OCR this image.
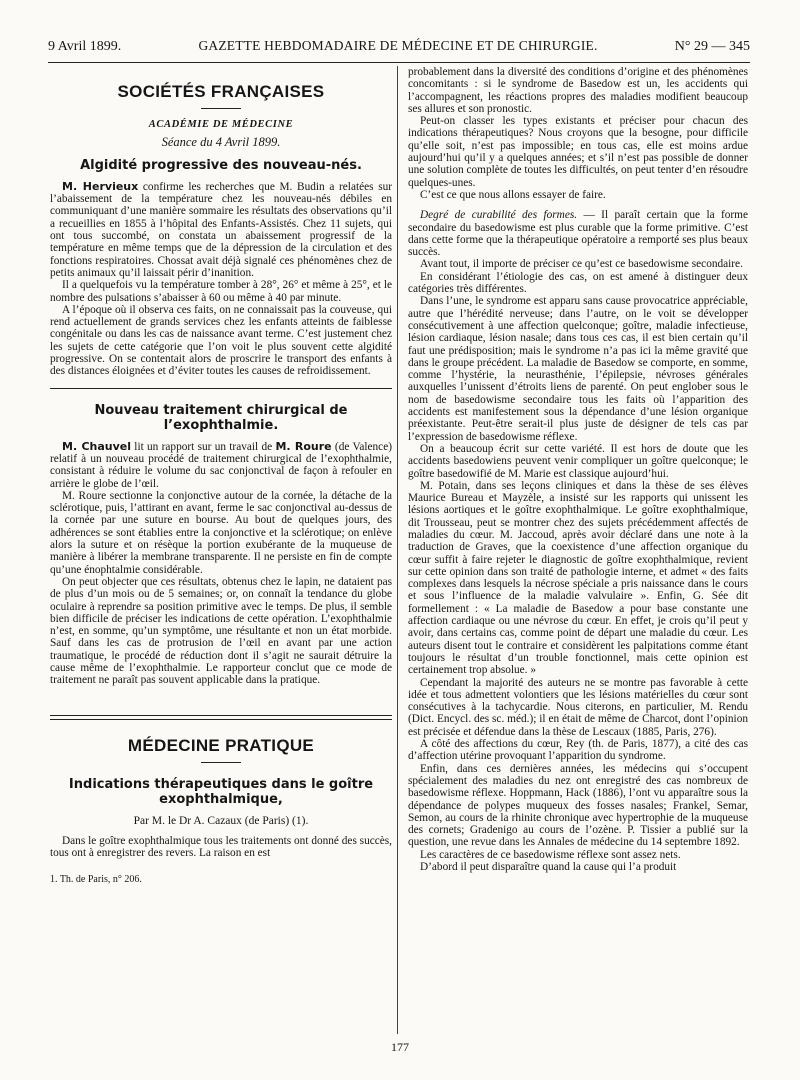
9 Avril 1899.	GAZETTE HEBDOMADAIRE DE MÉDECINE ET DE CHIRURGIE.	N° 29 — 345
SOCIÉTÉS FRANÇAISES
ACADÉMIE DE MÉDECINE
Séance du 4 Avril 1899.
Algidité progressive des nouveau-nés.

M. Hervieux confirme les recherches que M. Budin a relatées sur l’abaissement de la température chez les nouveau-nés débiles en communiquant d’une manière sommaire les résultats des observations qu’il a recueillies en 1855 à l’hôpital des Enfants-Assistés. Chez 11 sujets, qui ont tous succombé, on constata un abaissement progressif de la température en même temps que de la dépression de la circulation et des fonctions respiratoires. Chossat avait déjà signalé ces phénomènes chez de petits animaux qu’il laissait périr d’inanition.

Il a quelquefois vu la température tomber à 28°, 26° et même à 25°, et le nombre des pulsations s’abaisser à 60 ou même à 40 par minute.

A l’époque où il observa ces faits, on ne connaissait pas la couveuse, qui rend actuellement de grands services chez les enfants atteints de faiblesse congénitale ou dans les cas de naissance avant terme. C’est justement chez les sujets de cette catégorie que l’on voit le plus souvent cette algidité progressive. On se contentait alors de proscrire le transport des enfants à des distances éloignées et d’éviter toutes les causes de refroidissement.

Nouveau traitement chirurgical de l’exophthalmie.

M. Chauvel lit un rapport sur un travail de M. Roure (de Valence) relatif à un nouveau procédé de traitement chirurgical de l’exophthalmie, consistant à réduire le volume du sac conjonctival de façon à refouler en arrière le globe de l’œil.

M. Roure sectionne la conjonctive autour de la cornée, la détache de la sclérotique, puis, l’attirant en avant, ferme le sac conjonctival au-dessus de la cornée par une suture en bourse. Au bout de quelques jours, des adhérences se sont établies entre la conjonctive et la sclérotique; on enlève alors la suture et on résèque la portion exubérante de la muqueuse de manière à libérer la membrane transparente. Il ne persiste en fin de compte qu’une énophtalmie considérable.

On peut objecter que ces résultats, obtenus chez le lapin, ne dataient pas de plus d’un mois ou de 5 semaines; or, on connaît la tendance du globe oculaire à reprendre sa position primitive avec le temps. De plus, il semble bien difficile de préciser les indications de cette opération. L’exophthalmie n’est, en somme, qu’un symptôme, une résultante et non un état morbide. Sauf dans les cas de protrusion de l’œil en avant par une action traumatique, le procédé de réduction dont il s’agit ne saurait détruire la cause même de l’exophthalmie. Le rapporteur conclut que ce mode de traitement ne paraît pas souvent applicable dans la pratique.

MÉDECINE PRATIQUE
Indications thérapeutiques dans le goître exophthalmique,
Par M. le Dr A. Cazaux (de Paris) (1).

Dans le goître exophthalmique tous les traitements ont donné des succès, tous ont à enregistrer des revers. La raison en est

1. Th. de Paris, n° 206.

probablement dans la diversité des conditions d’origine et des phénomènes concomitants : si le syndrome de Basedow est un, les accidents qui l’accompagnent, les réactions propres des maladies modifient beaucoup ses allures et son pronostic.

Peut-on classer les types existants et préciser pour chacun des indications thérapeutiques? Nous croyons que la besogne, pour difficile qu’elle soit, n’est pas impossible; en tous cas, elle est moins ardue aujourd’hui qu’il y a quelques années; et s’il n’est pas possible de donner une solution complète de toutes les difficultés, on peut tenter d’en résoudre quelques-unes.

C’est ce que nous allons essayer de faire.

Degré de curabilité des formes. — Il paraît certain que la forme secondaire du basedowisme est plus curable que la forme primitive. C’est dans cette forme que la thérapeutique opératoire a remporté ses plus beaux succès.

Avant tout, il importe de préciser ce qu’est ce basedowisme secondaire.

En considérant l’étiologie des cas, on est amené à distinguer deux catégories très différentes.

Dans l’une, le syndrome est apparu sans cause provocatrice appréciable, autre que l’hérédité nerveuse; dans l’autre, on le voit se développer consécutivement à une affection quelconque; goître, maladie infectieuse, lésion cardiaque, lésion nasale; dans tous ces cas, il est bien certain qu’il faut une prédisposition; mais le syndrome n’a pas ici la même gravité que dans le groupe précédent. La maladie de Basedow se comporte, en somme, comme l’hystérie, la neurasthénie, l’épilepsie, névroses générales auxquelles l’unissent d’étroits liens de parenté. On peut englober sous le nom de basedowisme secondaire tous les faits où l’apparition des accidents est manifestement sous la dépendance d’une lésion organique préexistante. Peut-être serait-il plus juste de désigner de tels cas par l’expression de basedowisme réflexe.

On a beaucoup écrit sur cette variété. Il est hors de doute que les accidents basedowiens peuvent venir compliquer un goître quelconque; le goître basedowifié de M. Marie est classique aujourd’hui.

M. Potain, dans ses leçons cliniques et dans la thèse de ses élèves Maurice Bureau et Mayzèle, a insisté sur les rapports qui unissent les lésions aortiques et le goître exophthalmique. Le goître exophthalmique, dit Trousseau, peut se montrer chez des sujets précédemment affectés de maladies du cœur. M. Jaccoud, après avoir déclaré dans une note à la traduction de Graves, que la coexistence d’une affection organique du cœur suffit à faire rejeter le diagnostic de goître exophthalmique, revient sur cette opinion dans son traité de pathologie interne, et admet « des faits complexes dans lesquels la nécrose spéciale a pris naissance dans le cours et sous l’influence de la maladie valvulaire ». Enfin, G. Sée dit formellement : « La maladie de Basedow a pour base constante une affection cardiaque ou une névrose du cœur. En effet, je crois qu’il peut y avoir, dans certains cas, comme point de départ une maladie du cœur. Les auteurs disent tout le contraire et considèrent les palpitations comme étant toujours le résultat d’un trouble fonctionnel, mais cette opinion est certainement trop absolue. »

Cependant la majorité des auteurs ne se montre pas favorable à cette idée et tous admettent volontiers que les lésions matérielles du cœur sont consécutives à la tachycardie. Nous citerons, en particulier, M. Rendu (Dict. Encycl. des sc. méd.); il en était de même de Charcot, dont l’opinion est précisée et défendue dans la thèse de Lescaux (1885, Paris, 276).

A côté des affections du cœur, Rey (th. de Paris, 1877), a cité des cas d’affection utérine provoquant l’apparition du syndrome.

Enfin, dans ces dernières années, les médecins qui s’occupent spécialement des maladies du nez ont enregistré des cas nombreux de basedowisme réflexe. Hoppmann, Hack (1886), l’ont vu apparaître sous la dépendance de polypes muqueux des fosses nasales; Frankel, Semar, Semon, au cours de la rhinite chronique avec hypertrophie de la muqueuse des cornets; Gradenigo au cours de l’ozène. P. Tissier a publié sur la question, une revue dans les Annales de médecine du 14 septembre 1892.

Les caractères de ce basedowisme réflexe sont assez nets.

D’abord il peut disparaître quand la cause qui l’a produit

177
